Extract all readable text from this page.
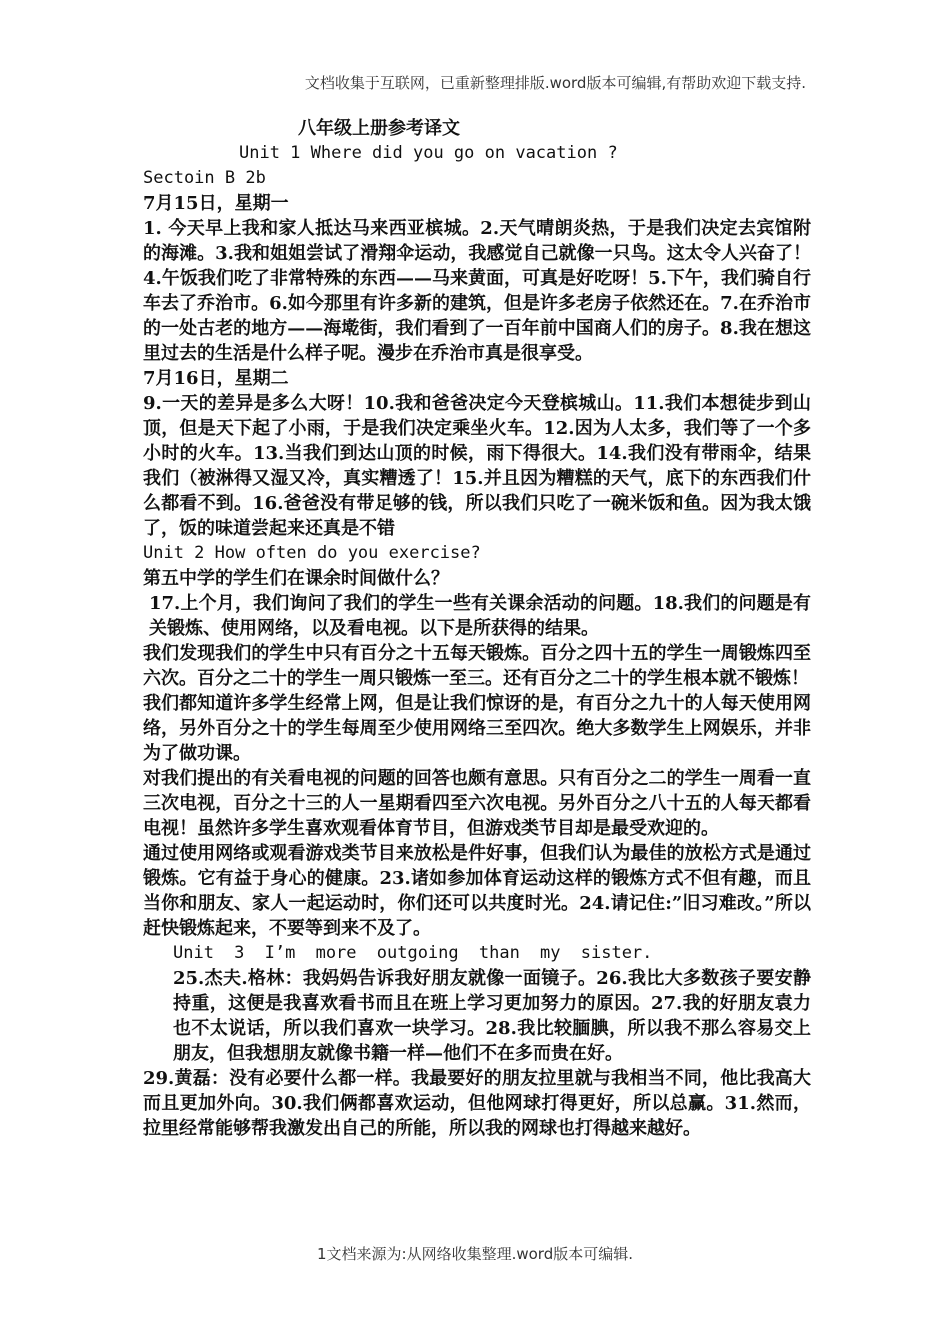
文档收集于互联网，已重新整理排版.word版本可编辑,有帮助欢迎下载支持.

八年级上册参考译文

Unit 1 Where did you go on vacation ?

Sectoin B 2b

7月15日，星期一

1. 今天早上我和家人抵达马来西亚槟城。2.天气晴朗炎热，于是我们决定去宾馆附的海滩。3.我和姐姐尝试了滑翔伞运动，我感觉自己就像一只鸟。这太令人兴奋了！4.午饭我们吃了非常特殊的东西——马来黄面，可真是好吃呀！5.下午，我们骑自行车去了乔治市。6.如今那里有许多新的建筑，但是许多老房子依然还在。7.在乔治市的一处古老的地方——海墘街，我们看到了一百年前中国商人们的房子。8.我在想这里过去的生活是什么样子呢。漫步在乔治市真是很享受。

7月16日，星期二

9.一天的差异是多么大呀！10.我和爸爸决定今天登槟城山。11.我们本想徒步到山顶，但是天下起了小雨，于是我们决定乘坐火车。12.因为人太多，我们等了一个多小时的火车。13.当我们到达山顶的时候，雨下得很大。14.我们没有带雨伞，结果我们（被淋得又湿又冷，真实糟透了！15.并且因为糟糕的天气，底下的东西我们什么都看不到。16.爸爸没有带足够的钱，所以我们只吃了一碗米饭和鱼。因为我太饿了，饭的味道尝起来还真是不错

Unit 2 How often do you exercise?

第五中学的学生们在课余时间做什么？

17.上个月，我们询问了我们的学生一些有关课余活动的问题。18.我们的问题是有关锻炼、使用网络，以及看电视。以下是所获得的结果。

我们发现我们的学生中只有百分之十五每天锻炼。百分之四十五的学生一周锻炼四至六次。百分之二十的学生一周只锻炼一至三。还有百分之二十的学生根本就不锻炼！

我们都知道许多学生经常上网，但是让我们惊讶的是，有百分之九十的人每天使用网络，另外百分之十的学生每周至少使用网络三至四次。绝大多数学生上网娱乐，并非为了做功课。

对我们提出的有关看电视的问题的回答也颇有意思。只有百分之二的学生一周看一直三次电视，百分之十三的人一星期看四至六次电视。另外百分之八十五的人每天都看电视！虽然许多学生喜欢观看体育节目，但游戏类节目却是最受欢迎的。

通过使用网络或观看游戏类节目来放松是件好事，但我们认为最佳的放松方式是通过锻炼。它有益于身心的健康。23.诸如参加体育运动这样的锻炼方式不但有趣，而且当你和朋友、家人一起运动时，你们还可以共度时光。24.请记住:”旧习难改。”所以赶快锻炼起来，不要等到来不及了。

Unit 3 I’m more outgoing than my sister.

25.杰夫.格林：我妈妈告诉我好朋友就像一面镜子。26.我比大多数孩子要安静持重，这便是我喜欢看书而且在班上学习更加努力的原因。27.我的好朋友袁力也不太说话，所以我们喜欢一块学习。28.我比较腼腆，所以我不那么容易交上朋友，但我想朋友就像书籍一样—他们不在多而贵在好。

29.黄磊：没有必要什么都一样。我最要好的朋友拉里就与我相当不同，他比我高大而且更加外向。30.我们俩都喜欢运动，但他网球打得更好，所以总赢。31.然而，拉里经常能够帮我激发出自己的所能，所以我的网球也打得越来越好。

1文档来源为:从网络收集整理.word版本可编辑.
